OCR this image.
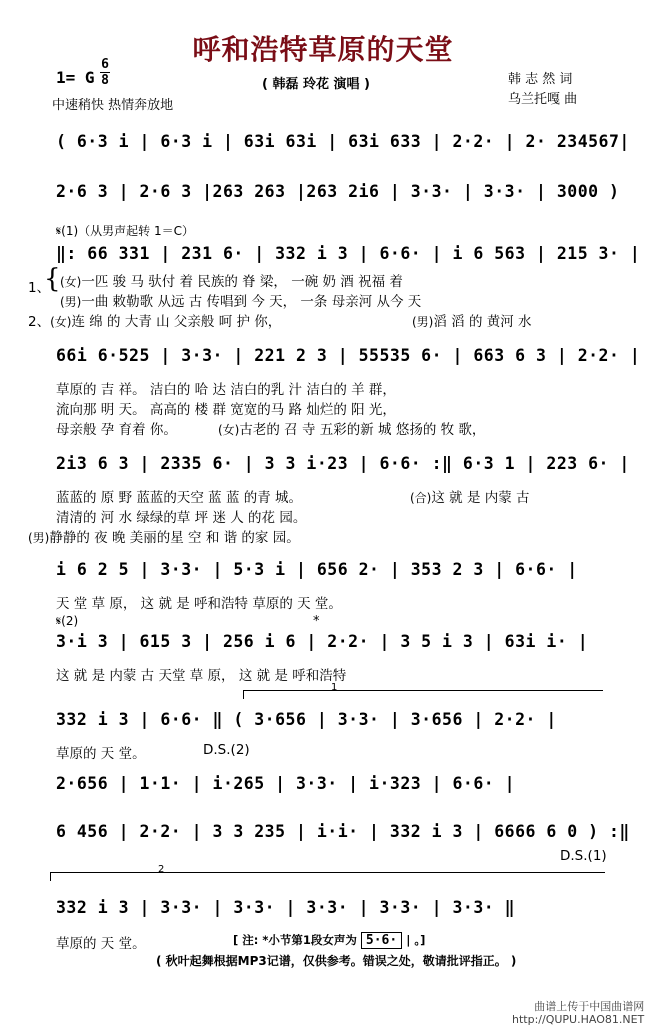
呼和浩特草原的天堂
1= G
6
8
中速稍快 热情奔放地
( 韩磊 玲花 演唱 )	韩 志 然 词
乌兰托嘎 曲
( 6·3 i | 6·3 i | 63i 63i | 63i 633 | 2·2· | 2· 234567|
2·6 3 | 2·6 3 |263 263 |263 2i6 | 3·3· | 3·3· | 3000 )
𝄋(1)（从男声起转 1＝C）
‖: 66 331 | 231 6· | 332 i 3 | 6·6· | i 6 563 | 215 3· |
1、
{ (女)一匹 骏 马 驮付 着 民族的 脊 梁， 一碗 奶 酒 祝福 着
(男)一曲 敕勒歌 从远 古 传唱到 今 天， 一条 母亲河 从今 天
2、(女)连 绵 的 大青 山 父亲般 呵 护 你，	(男)滔 滔 的 黄河 水
66i 6·525 | 3·3· | 221 2 3 | 55535 6· | 663 6 3 | 2·2· |
草原的 吉 祥。 洁白的 哈 达 洁白的乳 汁 洁白的 羊 群，
流向那 明 天。 高高的 楼 群 宽宽的马 路 灿烂的 阳 光，
母亲般 孕 育着 你。	(女)古老的 召 寺 五彩的新 城 悠扬的 牧 歌，
2i3 6 3 | 2335 6· | 3 3 i·23 | 6·6· :‖ 6·3 1 | 223 6· |
蓝蓝的 原 野 蓝蓝的天空 蓝 蓝 的青 城。	(合)这 就 是 内蒙 古
清清的 河 水 绿绿的草 坪 迷 人 的花 园。
(男)静静的 夜 晚 美丽的星 空 和 谐 的家 园。
i 6 2 5 | 3·3· | 5·3 i | 656 2· | 353 2 3 | 6·6· |
天 堂 草 原， 这 就 是 呼和浩特 草原的 天 堂。
𝄋(2)	*
3·i 3 | 615 3 | 256 i 6 | 2·2· | 3 5 i 3 | 63i i· |
这 就 是 内蒙 古 天堂 草 原， 这 就 是 呼和浩特
1
332 i 3 | 6·6· ‖ ( 3·656 | 3·3· | 3·656 | 2·2· |
草原的 天 堂。	D.S.(2)
2·656 | 1·1· | i·265 | 3·3· | i·323 | 6·6· |
6 456 | 2·2· | 3 3 235 | i·i· | 332 i 3 | 6666 6 0 ) :‖
D.S.(1)
2
332 i 3 | 3·3· | 3·3· | 3·3· | 3·3· | 3·3· ‖
草原的 天 堂。	[ 注: *小节第1段女声为 5·6· | 。]
( 秋叶起舞根据MP3记谱，仅供参考。错误之处，敬请批评指正。 )
曲谱上传于中国曲谱网
http://QUPU.HAO81.NET
